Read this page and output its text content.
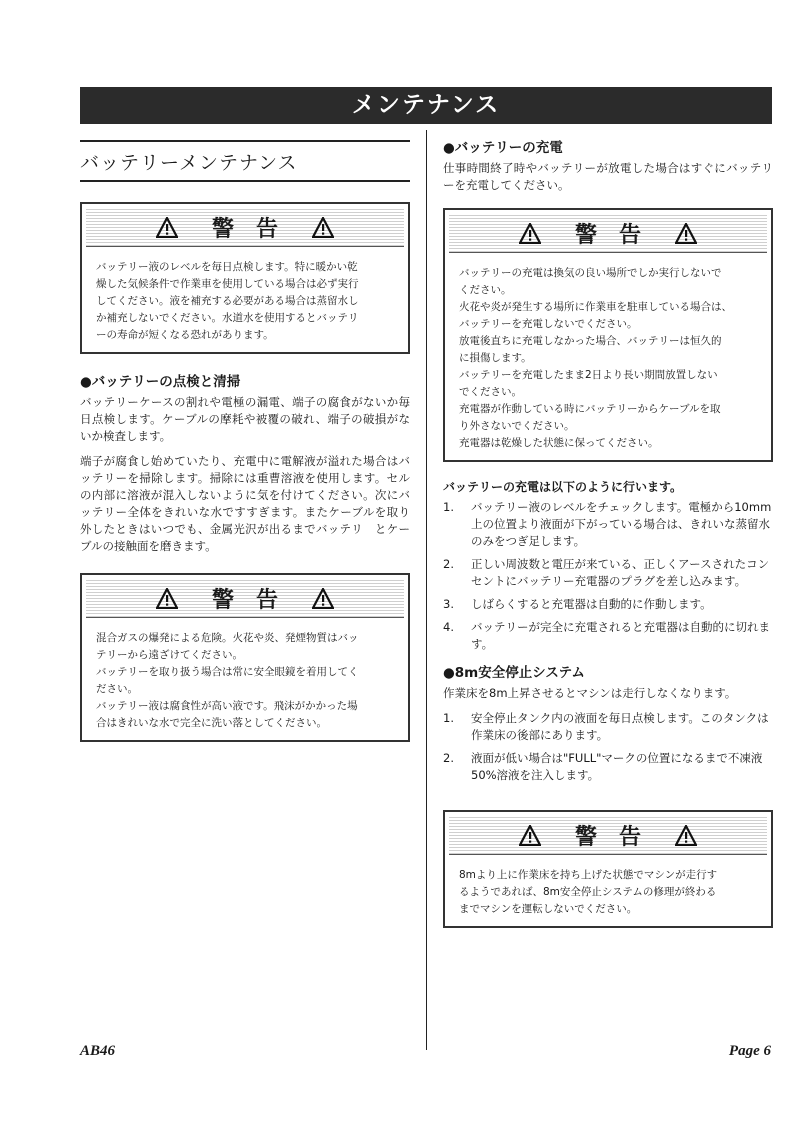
メンテナンス
バッテリーメンテナンス
警告

バッテリー液のレベルを毎日点検します。特に暖かい乾

燥した気候条件で作業車を使用している場合は必ず実行

してください。液を補充する必要がある場合は蒸留水し

か補充しないでください。水道水を使用するとバッテリ

ーの寿命が短くなる恐れがあります。

●バッテリーの点検と清掃

バッテリーケースの割れや電極の漏電、端子の腐食がないか毎日点検します。ケーブルの摩耗や被覆の破れ、端子の破損がないか検査します。

端子が腐食し始めていたり、充電中に電解液が溢れた場合はバッテリーを掃除します。掃除には重曹溶液を使用します。セルの内部に溶液が混入しないように気を付けてください。次にバッテリー全体をきれいな水ですすぎます。またケーブルを取り外したときはいつでも、金属光沢が出るまでバッテリ　とケーブルの接触面を磨きます。

警告

混合ガスの爆発による危険。火花や炎、発煙物質はバッ

テリーから遠ざけてください。

バッテリーを取り扱う場合は常に安全眼鏡を着用してく

ださい。

バッテリー液は腐食性が高い液です。飛沫がかかった場

合はきれいな水で完全に洗い落としてください。

●バッテリーの充電

仕事時間終了時やバッテリーが放電した場合はすぐにバッテリーを充電してください。

警告

バッテリーの充電は換気の良い場所でしか実行しないで

ください。

火花や炎が発生する場所に作業車を駐車している場合は、

バッテリーを充電しないでください。

放電後直ちに充電しなかった場合、バッテリーは恒久的

に損傷します。

バッテリーを充電したまま2日より長い期間放置しない

でください。

充電器が作動している時にバッテリーからケーブルを取

り外さないでください。

充電器は乾燥した状態に保ってください。

バッテリーの充電は以下のように行います。
1.	バッテリー液のレベルをチェックします。電極から10mm上の位置より液面が下がっている場合は、きれいな蒸留水のみをつぎ足します。
2.	正しい周波数と電圧が来ている、正しくアースされたコンセントにバッテリー充電器のプラグを差し込みます。
3.	しばらくすると充電器は自動的に作動します。
4.	バッテリーが完全に充電されると充電器は自動的に切れます。
●8m安全停止システム

作業床を8m上昇させるとマシンは走行しなくなります。

1.	安全停止タンク内の液面を毎日点検します。このタンクは作業床の後部にあります。
2.	液面が低い場合は"FULL"マークの位置になるまで不凍液50%溶液を注入します。
警告

8mより上に作業床を持ち上げた状態でマシンが走行す

るようであれば、8m安全停止システムの修理が終わる

までマシンを運転しないでください。

AB46	Page 6
